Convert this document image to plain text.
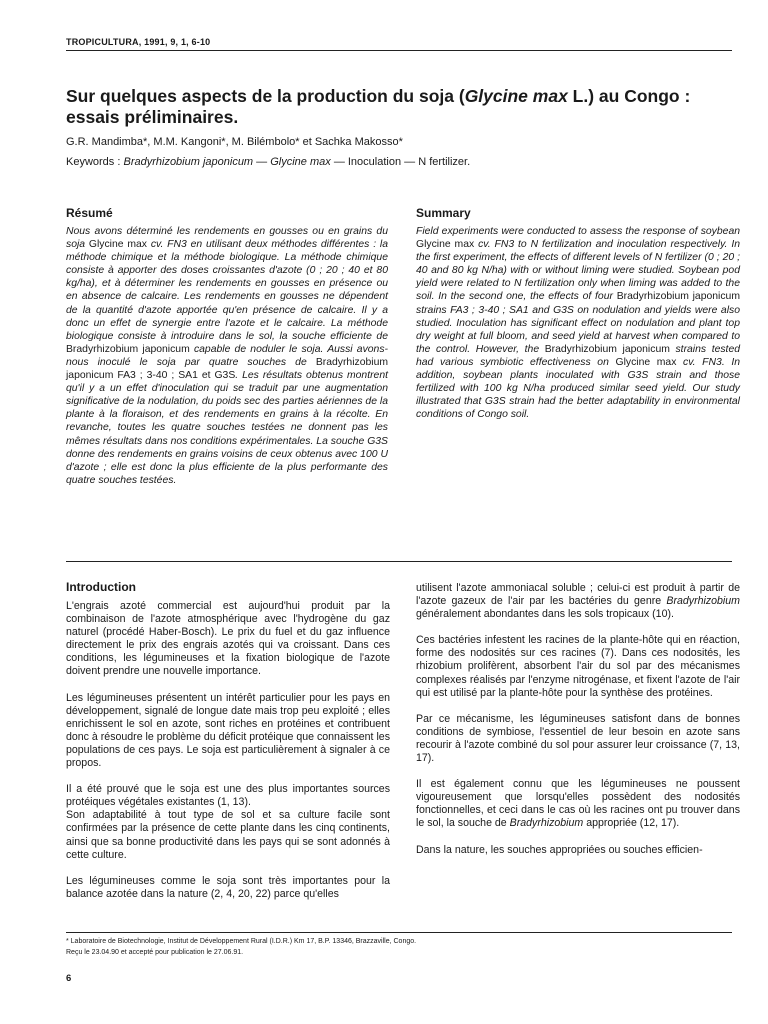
TROPICULTURA, 1991, 9, 1, 6-10
Sur quelques aspects de la production du soja (Glycine max L.) au Congo : essais préliminaires.
G.R. Mandimba*, M.M. Kangoni*, M. Bilémbolo* et Sachka Makosso*
Keywords : Bradyrhizobium japonicum — Glycine max — Inoculation — N fertilizer.
Résumé

Nous avons déterminé les rendements en gousses ou en grains du soja Glycine max cv. FN3 en utilisant deux méthodes différentes : la méthode chimique et la méthode biologique. La méthode chimique consiste à apporter des doses croissantes d'azote (0 ; 20 ; 40 et 80 kg/ha), et à déterminer les rendements en gousses en présence ou en absence de calcaire. Les rendements en gousses ne dépendent de la quantité d'azote apportée qu'en présence de calcaire. Il y a donc un effet de synergie entre l'azote et le calcaire. La méthode biologique consiste à introduire dans le sol, la souche efficiente de Bradyrhizobium japonicum capable de noduler le soja. Aussi avons-nous inoculé le soja par quatre souches de Bradyrhizobium japonicum FA3 ; 3-40 ; SA1 et G3S. Les résultats obtenus montrent qu'il y a un effet d'inoculation qui se traduit par une augmentation significative de la nodulation, du poids sec des parties aériennes de la plante à la floraison, et des rendements en grains à la récolte. En revanche, toutes les quatre souches testées ne donnent pas les mêmes résultats dans nos conditions expérimentales. La souche G3S donne des rendements en grains voisins de ceux obtenus avec 100 U d'azote ; elle est donc la plus efficiente de la plus performante des quatre souches testées.

Summary

Field experiments were conducted to assess the response of soybean Glycine max cv. FN3 to N fertilization and inoculation respectively. In the first experiment, the effects of different levels of N fertilizer (0 ; 20 ; 40 and 80 kg N/ha) with or without liming were studied. Soybean pod yield were related to N fertilization only when liming was added to the soil. In the second one, the effects of four Bradyrhizobium japonicum strains FA3 ; 3-40 ; SA1 and G3S on nodulation and yields were also studied. Inoculation has significant effect on nodulation and plant top dry weight at full bloom, and seed yield at harvest when compared to the control. However, the Bradyrhizobium japonicum strains tested had various symbiotic effectiveness on Glycine max cv. FN3. In addition, soybean plants inoculated with G3S strain and those fertilized with 100 kg N/ha produced similar seed yield. Our study illustrated that G3S strain had the better adaptability in environmental conditions of Congo soil.

Introduction

L'engrais azoté commercial est aujourd'hui produit par la combinaison de l'azote atmosphérique avec l'hydrogène du gaz naturel (procédé Haber-Bosch). Le prix du fuel et du gaz influence directement le prix des engrais azotés qui va croissant. Dans ces conditions, les légumineuses et la fixation biologique de l'azote doivent prendre une nouvelle importance.

Les légumineuses présentent un intérêt particulier pour les pays en développement, signalé de longue date mais trop peu exploité ; elles enrichissent le sol en azote, sont riches en protéines et contribuent donc à résoudre le problème du déficit protéique que connaissent les populations de ces pays. Le soja est particulièrement à signaler à ce propos.

Il a été prouvé que le soja est une des plus importantes sources protéiques végétales existantes (1, 13).

Son adaptabilité à tout type de sol et sa culture facile sont confirmées par la présence de cette plante dans les cinq continents, ainsi que sa bonne productivité dans les pays qui se sont adonnés à cette culture.

Les légumineuses comme le soja sont très importantes pour la balance azotée dans la nature (2, 4, 20, 22) parce qu'elles

utilisent l'azote ammoniacal soluble ; celui-ci est produit à partir de l'azote gazeux de l'air par les bactéries du genre Bradyrhizobium généralement abondantes dans les sols tropicaux (10).

Ces bactéries infestent les racines de la plante-hôte qui en réaction, forme des nodosités sur ces racines (7). Dans ces nodosités, les rhizobium prolifèrent, absorbent l'air du sol par des mécanismes complexes réalisés par l'enzyme nitrogénase, et fixent l'azote de l'air qui est utilisé par la plante-hôte pour la synthèse des protéines.

Par ce mécanisme, les légumineuses satisfont dans de bonnes conditions de symbiose, l'essentiel de leur besoin en azote sans recourir à l'azote combiné du sol pour assurer leur croissance (7, 13, 17).

Il est également connu que les légumineuses ne poussent vigoureusement que lorsqu'elles possèdent des nodosités fonctionnelles, et ceci dans le cas où les racines ont pu trouver dans le sol, la souche de Bradyrhizobium appropriée (12, 17).

Dans la nature, les souches appropriées ou souches efficien-

* Laboratoire de Biotechnologie, Institut de Développement Rural (I.D.R.) Km 17, B.P. 13346, Brazzaville, Congo.
Reçu le 23.04.90 et accepté pour publication le 27.06.91.
6
